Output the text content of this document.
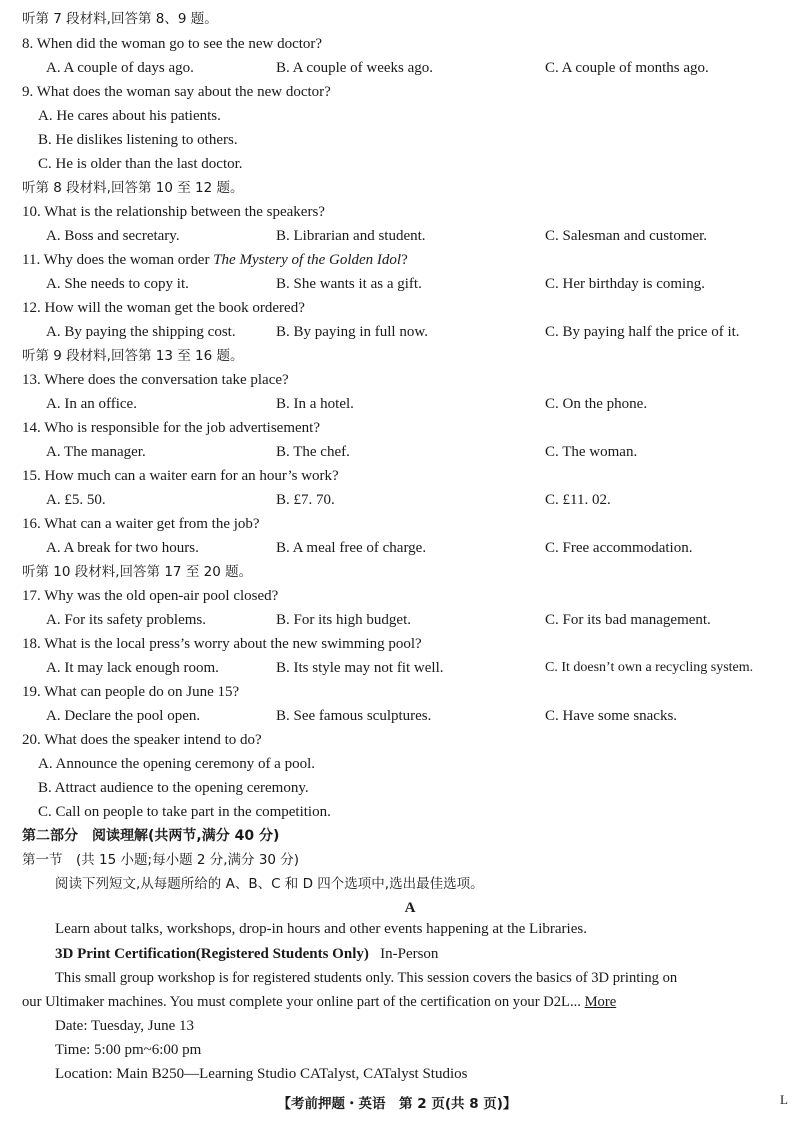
听第 7 段材料,回答第 8、9 题。
8. When did the woman go to see the new doctor?
A. A couple of days ago.	B. A couple of weeks ago.	C. A couple of months ago.
9. What does the woman say about the new doctor?
A. He cares about his patients.
B. He dislikes listening to others.
C. He is older than the last doctor.
听第 8 段材料,回答第 10 至 12 题。
10. What is the relationship between the speakers?
A. Boss and secretary.	B. Librarian and student.	C. Salesman and customer.
11. Why does the woman order The Mystery of the Golden Idol?
A. She needs to copy it.	B. She wants it as a gift.	C. Her birthday is coming.
12. How will the woman get the book ordered?
A. By paying the shipping cost.	B. By paying in full now.	C. By paying half the price of it.
听第 9 段材料,回答第 13 至 16 题。
13. Where does the conversation take place?
A. In an office.	B. In a hotel.	C. On the phone.
14. Who is responsible for the job advertisement?
A. The manager.	B. The chef.	C. The woman.
15. How much can a waiter earn for an hour’s work?
A. £5. 50.	B. £7. 70.	C. £11. 02.
16. What can a waiter get from the job?
A. A break for two hours.	B. A meal free of charge.	C. Free accommodation.
听第 10 段材料,回答第 17 至 20 题。
17. Why was the old open-air pool closed?
A. For its safety problems.	B. For its high budget.	C. For its bad management.
18. What is the local press’s worry about the new swimming pool?
A. It may lack enough room.	B. Its style may not fit well.	C. It doesn’t own a recycling system.
19. What can people do on June 15?
A. Declare the pool open.	B. See famous sculptures.	C. Have some snacks.
20. What does the speaker intend to do?
A. Announce the opening ceremony of a pool.
B. Attract audience to the opening ceremony.
C. Call on people to take part in the competition.
第二部分　阅读理解(共两节,满分 40 分)
第一节　(共 15 小题;每小题 2 分,满分 30 分)
阅读下列短文,从每题所给的 A、B、C 和 D 四个选项中,选出最佳选项。
A
Learn about talks, workshops, drop-in hours and other events happening at the Libraries.
3D Print Certification(Registered Students Only) In-Person
This small group workshop is for registered students only. This session covers the basics of 3D printing on
our Ultimaker machines. You must complete your online part of the certification on your D2L... More
Date: Tuesday, June 13
Time: 5:00 pm~6:00 pm
Location: Main B250—Learning Studio CATalyst, CATalyst Studios
【考前押题・英语　第 2 页(共 8 页)】	L
